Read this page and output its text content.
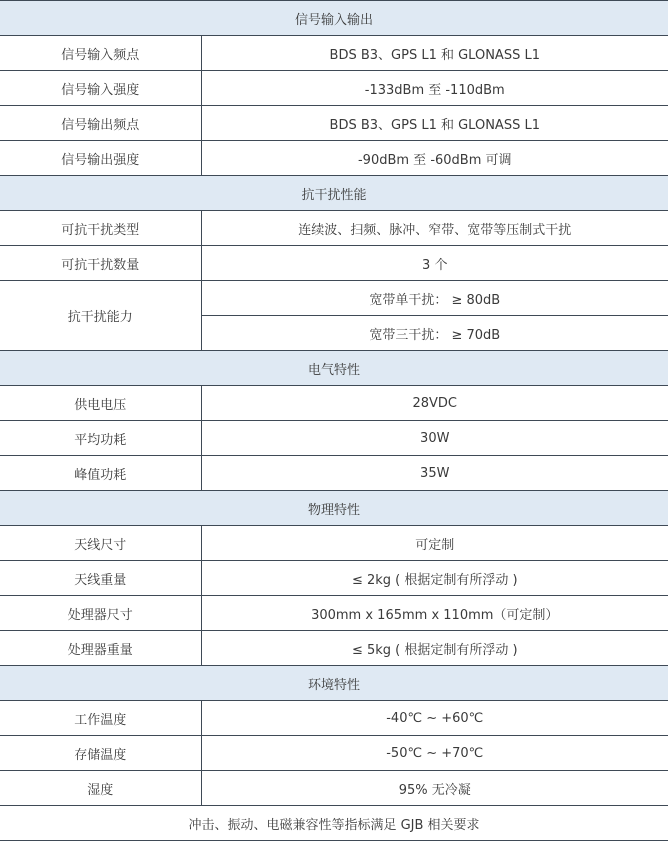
信号输入输出	
信号输入频点	BDS B3、GPS L1 和 GLONASS L1
信号输入强度	-133dBm 至 -110dBm
信号输出频点	BDS B3、GPS L1 和 GLONASS L1
信号输出强度	-90dBm 至 -60dBm 可调
抗干扰性能	
可抗干扰类型	连续波、扫频、脉冲、窄带、宽带等压制式干扰
可抗干扰数量	3 个
抗干扰能力	宽带单干扰： ≥ 80dB
	宽带三干扰： ≥ 70dB
电气特性	
供电电压	28VDC
平均功耗	30W
峰值功耗	35W
物理特性	
天线尺寸	可定制
天线重量	≤ 2kg ( 根据定制有所浮动 )
处理器尺寸	300mm x 165mm x 110mm（可定制）
处理器重量	≤ 5kg ( 根据定制有所浮动 )
环境特性	
工作温度	-40℃ ~ +60℃
存储温度	-50℃ ~ +70℃
湿度	95% 无冷凝
冲击、振动、电磁兼容性等指标满足 GJB 相关要求	
